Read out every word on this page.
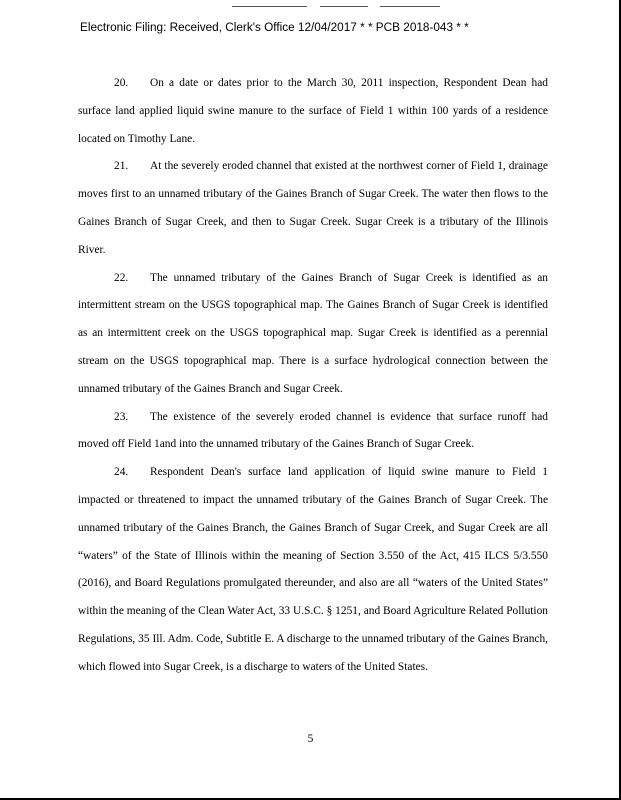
Electronic Filing: Received, Clerk's Office 12/04/2017 * * PCB 2018-043 * *

20. On a date or dates prior to the March 30, 2011 inspection, Respondent Dean had surface land applied liquid swine manure to the surface of Field 1 within 100 yards of a residence located on Timothy Lane.

21. At the severely eroded channel that existed at the northwest corner of Field 1, drainage moves first to an unnamed tributary of the Gaines Branch of Sugar Creek. The water then flows to the Gaines Branch of Sugar Creek, and then to Sugar Creek. Sugar Creek is a tributary of the Illinois River.

22. The unnamed tributary of the Gaines Branch of Sugar Creek is identified as an intermittent stream on the USGS topographical map. The Gaines Branch of Sugar Creek is identified as an intermittent creek on the USGS topographical map. Sugar Creek is identified as a perennial stream on the USGS topographical map. There is a surface hydrological connection between the unnamed tributary of the Gaines Branch and Sugar Creek.

23. The existence of the severely eroded channel is evidence that surface runoff had moved off Field 1and into the unnamed tributary of the Gaines Branch of Sugar Creek.

24. Respondent Dean's surface land application of liquid swine manure to Field 1 impacted or threatened to impact the unnamed tributary of the Gaines Branch of Sugar Creek. The unnamed tributary of the Gaines Branch, the Gaines Branch of Sugar Creek, and Sugar Creek are all “waters” of the State of Illinois within the meaning of Section 3.550 of the Act, 415 ILCS 5/3.550 (2016), and Board Regulations promulgated thereunder, and also are all “waters of the United States” within the meaning of the Clean Water Act, 33 U.S.C. § 1251, and Board Agriculture Related Pollution Regulations, 35 Ill. Adm. Code, Subtitle E. A discharge to the unnamed tributary of the Gaines Branch, which flowed into Sugar Creek, is a discharge to waters of the United States.

5
